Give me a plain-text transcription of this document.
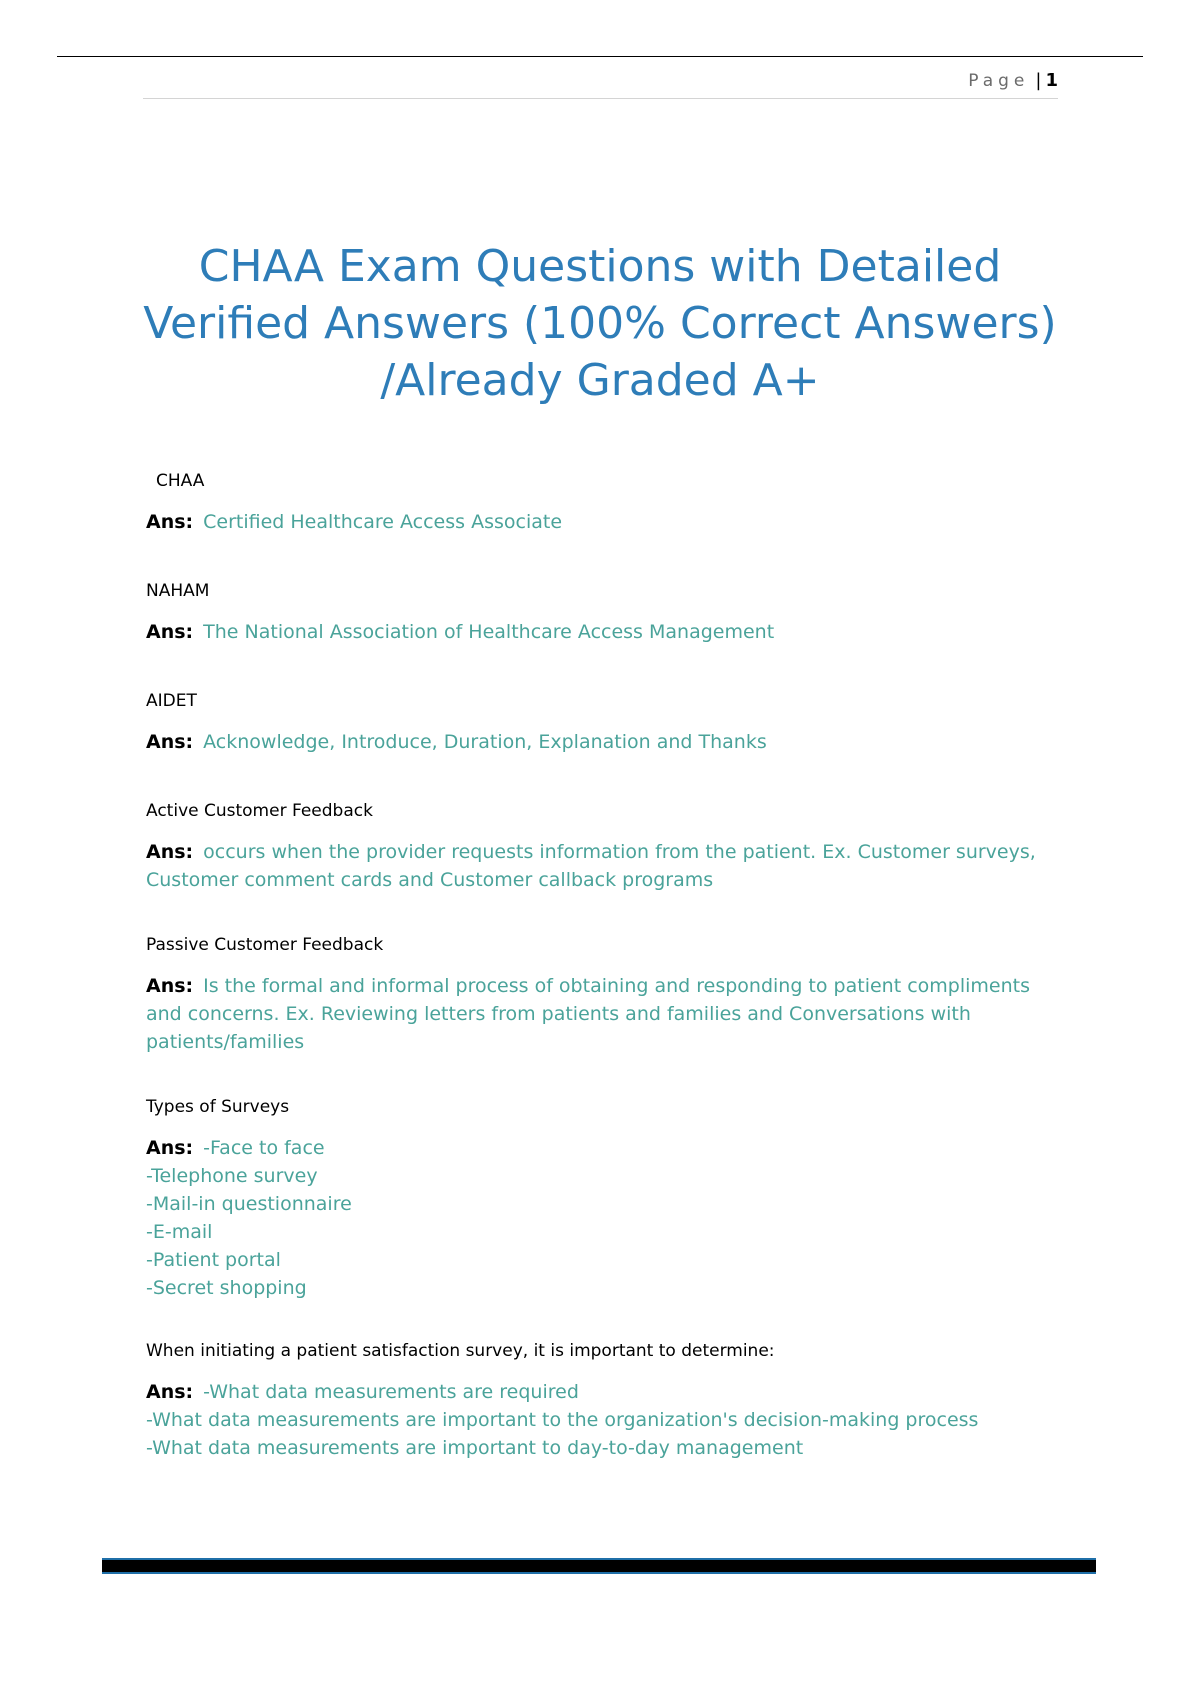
Page | 1
CHAA Exam Questions with Detailed
Verified Answers (100% Correct Answers)
/Already Graded A+

CHAA

Ans: Certified Healthcare Access Associate

NAHAM

Ans: The National Association of Healthcare Access Management

AIDET

Ans: Acknowledge, Introduce, Duration, Explanation and Thanks

Active Customer Feedback

Ans: occurs when the provider requests information from the patient. Ex. Customer surveys,
Customer comment cards and Customer callback programs

Passive Customer Feedback

Ans: Is the formal and informal process of obtaining and responding to patient compliments
and concerns. Ex. Reviewing letters from patients and families and Conversations with
patients/families

Types of Surveys

Ans: -Face to face
-Telephone survey
-Mail-in questionnaire
-E-mail
-Patient portal
-Secret shopping

When initiating a patient satisfaction survey, it is important to determine:

Ans: -What data measurements are required
-What data measurements are important to the organization's decision-making process
-What data measurements are important to day-to-day management
